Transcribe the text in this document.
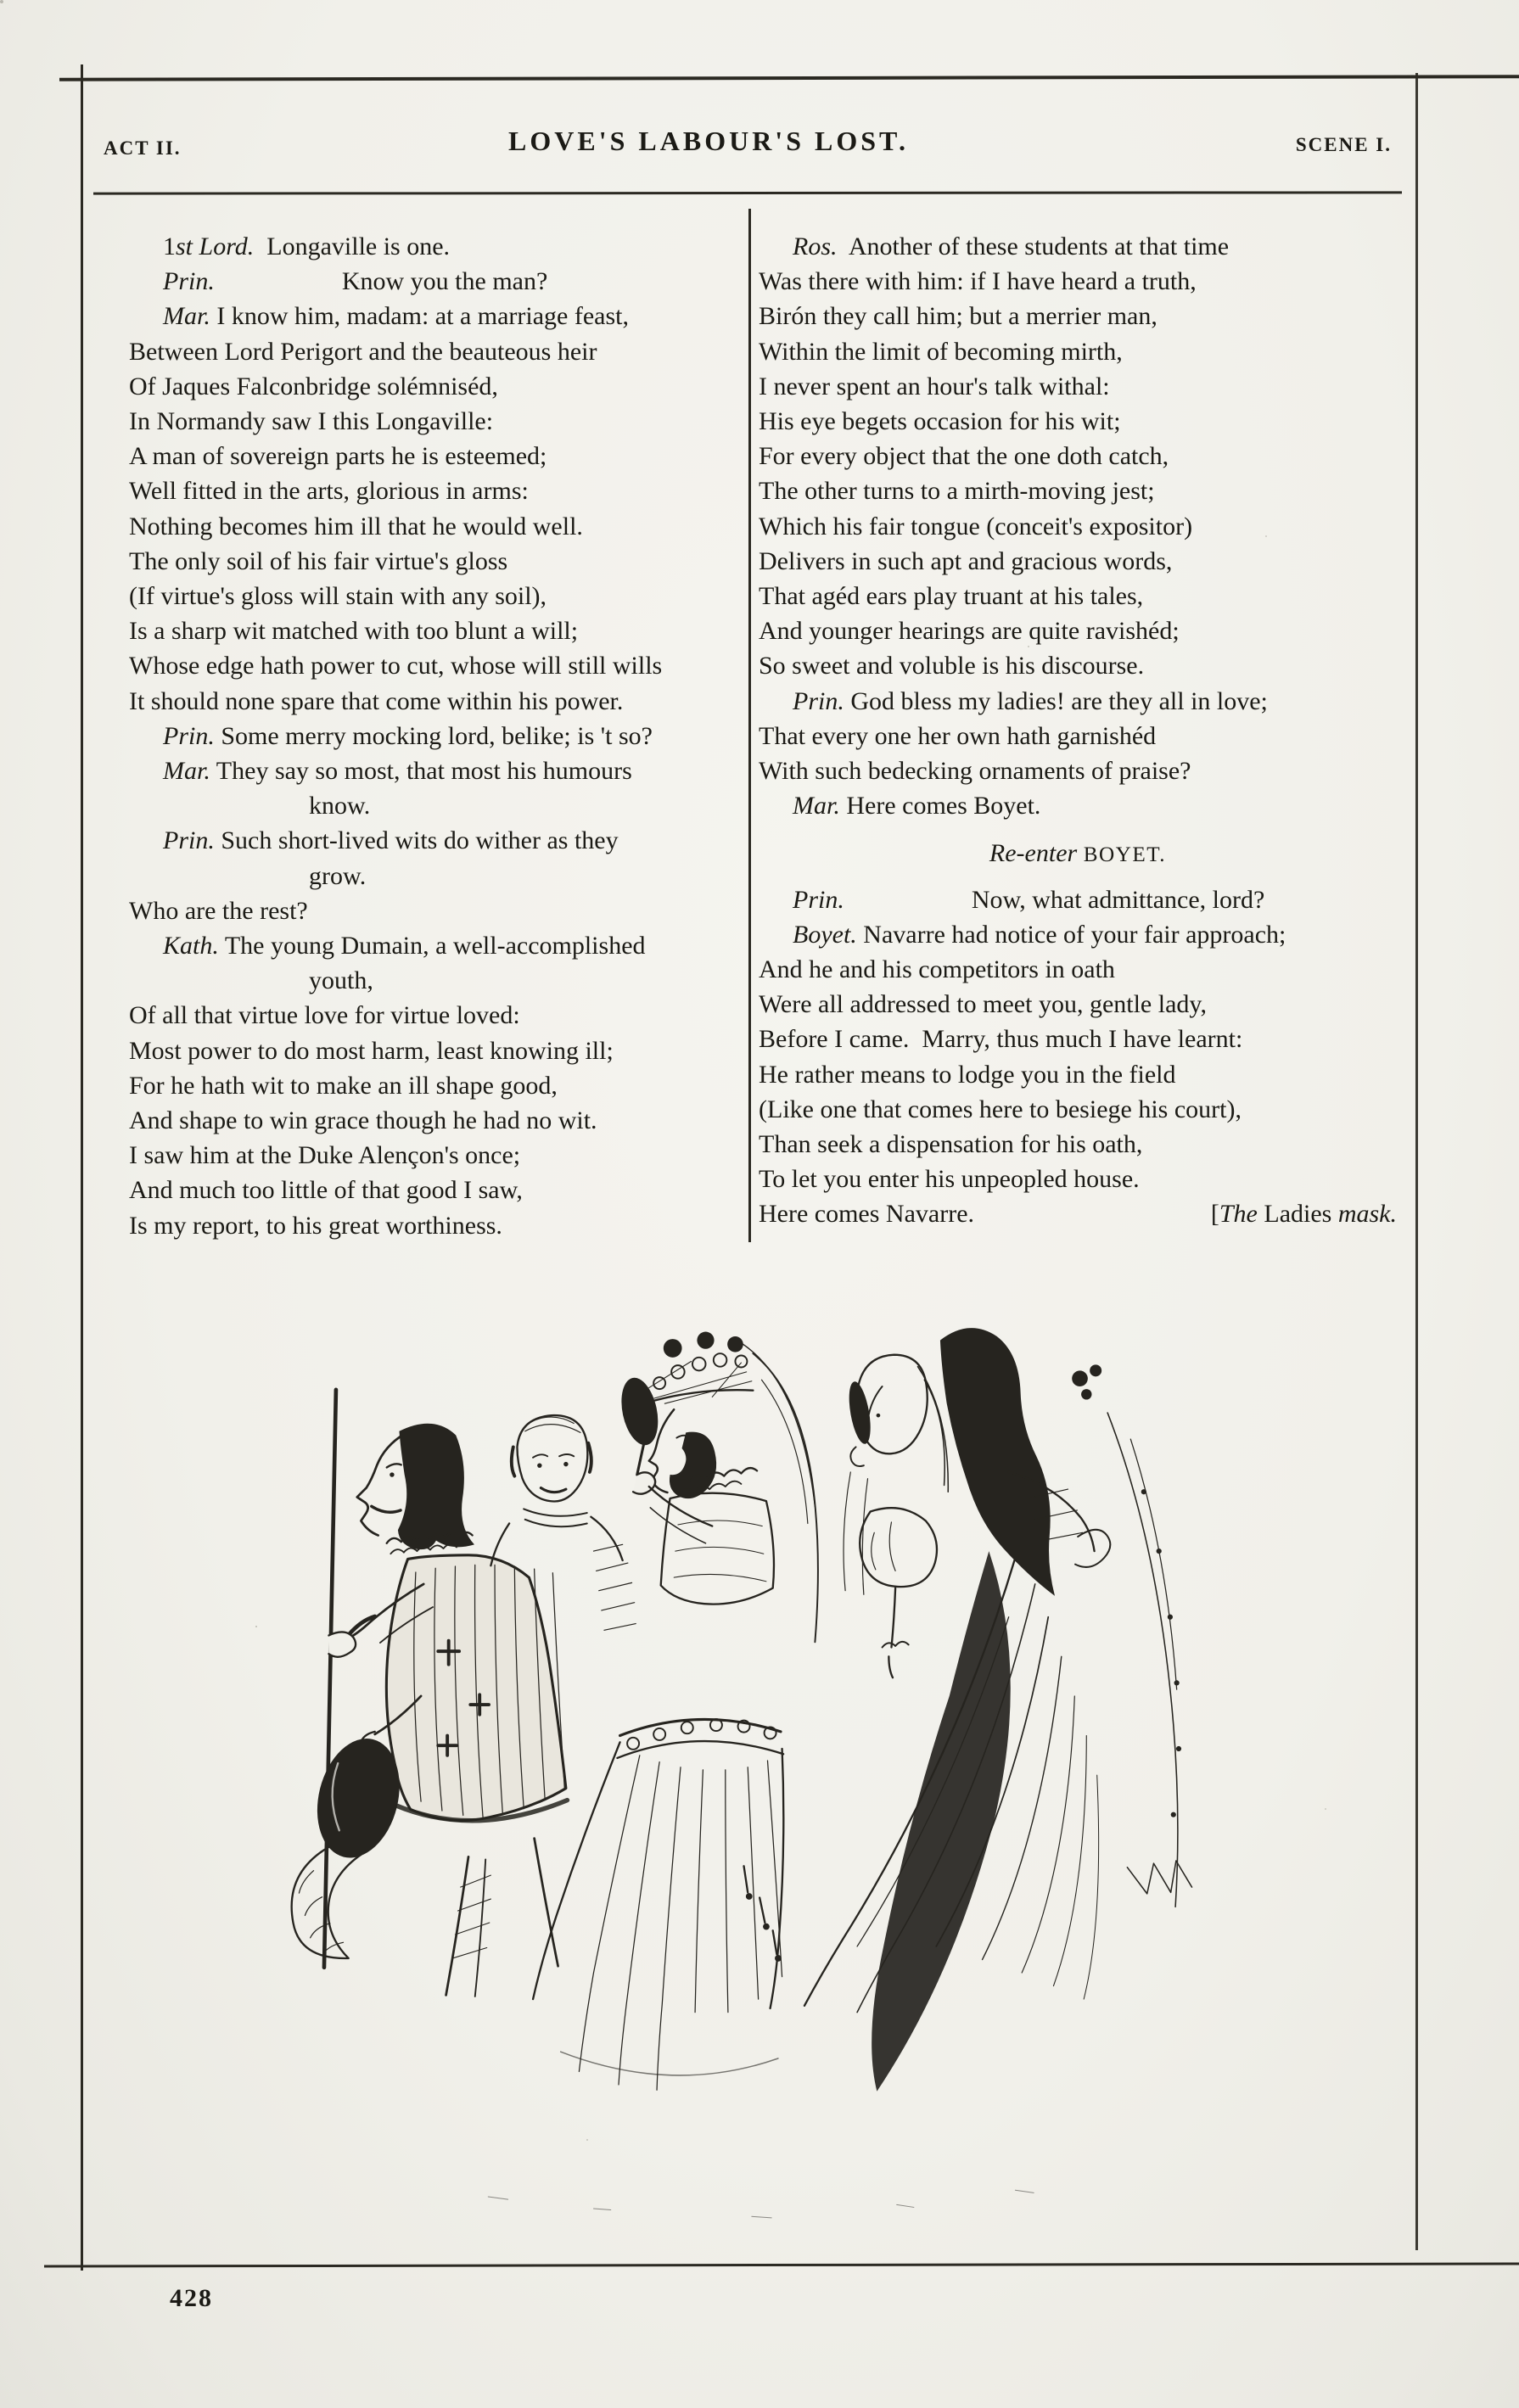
ACT II.	LOVE'S LABOUR'S LOST.	SCENE I.
1st Lord.  Longaville is one.
Prin.	Know you the man?
Mar. I know him, madam: at a marriage feast,
Between Lord Perigort and the beauteous heir
Of Jaques Falconbridge solémniséd,
In Normandy saw I this Longaville:
A man of sovereign parts he is esteemed;
Well fitted in the arts, glorious in arms:
Nothing becomes him ill that he would well.
The only soil of his fair virtue's gloss
(If virtue's gloss will stain with any soil),
Is a sharp wit matched with too blunt a will;
Whose edge hath power to cut, whose will still wills
It should none spare that come within his power.
Prin. Some merry mocking lord, belike; is 't so?
Mar. They say so most, that most his humours
know.
Prin. Such short-lived wits do wither as they
grow.
Who are the rest?
Kath. The young Dumain, a well-accomplished
youth,
Of all that virtue love for virtue loved:
Most power to do most harm, least knowing ill;
For he hath wit to make an ill shape good,
And shape to win grace though he had no wit.
I saw him at the Duke Alençon's once;
And much too little of that good I saw,
Is my report, to his great worthiness.
Ros.  Another of these students at that time
Was there with him: if I have heard a truth,
Birón they call him; but a merrier man,
Within the limit of becoming mirth,
I never spent an hour's talk withal:
His eye begets occasion for his wit;
For every object that the one doth catch,
The other turns to a mirth-moving jest;
Which his fair tongue (conceit's expositor)
Delivers in such apt and gracious words,
That agéd ears play truant at his tales,
And younger hearings are quite ravishéd;
So sweet and voluble is his discourse.
Prin. God bless my ladies! are they all in love;
That every one her own hath garnishéd
With such bedecking ornaments of praise?
Mar. Here comes Boyet.
Re-enter BOYET.
Prin.	Now, what admittance, lord?
Boyet. Navarre had notice of your fair approach;
And he and his competitors in oath
Were all addressed to meet you, gentle lady,
Before I came.  Marry, thus much I have learnt:
He rather means to lodge you in the field
(Like one that comes here to besiege his court),
Than seek a dispensation for his oath,
To let you enter his unpeopled house.
Here comes Navarre.	[The Ladies mask.
428
